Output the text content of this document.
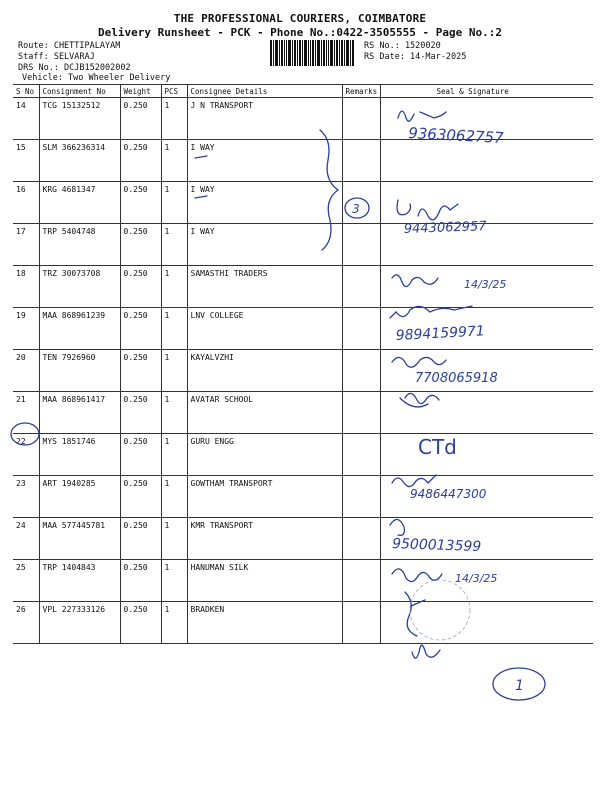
THE PROFESSIONAL COURIERS, COIMBATORE
Delivery Runsheet - PCK - Phone No.:0422-3505555 - Page No.:2
Route: CHETTIPALAYAM
Staff: SELVARAJ
DRS No.: DCJB152002002
Vehicle: Two Wheeler Delivery
RS No.: 1520020
RS Date: 14-Mar-2025
S No	Consignment No	Weight	PCS	Consignee Details	Remarks	Seal & Signature
14	TCG 15132512	0.250	1	J N TRANSPORT		
15	SLM 366236314	0.250	1	I WAY		
16	KRG 4681347	0.250	1	I WAY		
17	TRP 5404748	0.250	1	I WAY		
18	TRZ 30073708	0.250	1	SAMASTHI TRADERS		
19	MAA 868961239	0.250	1	LNV COLLEGE		
20	TEN 7926960	0.250	1	KAYALVZHI		
21	MAA 868961417	0.250	1	AVATAR SCHOOL		
22	MYS 1851746	0.250	1	GURU ENGG		
23	ART 1940285	0.250	1	GOWTHAM TRANSPORT		
24	MAA 577445781	0.250	1	KMR TRANSPORT		
25	TRP 1404843	0.250	1	HANUMAN SILK		
26	VPL 227333126	0.250	1	BRADKEN		
3
1
9363062757
9443062957
9894159971
7708065918
9486447300
9500013599
14/3/25
14/3/25
CTd
